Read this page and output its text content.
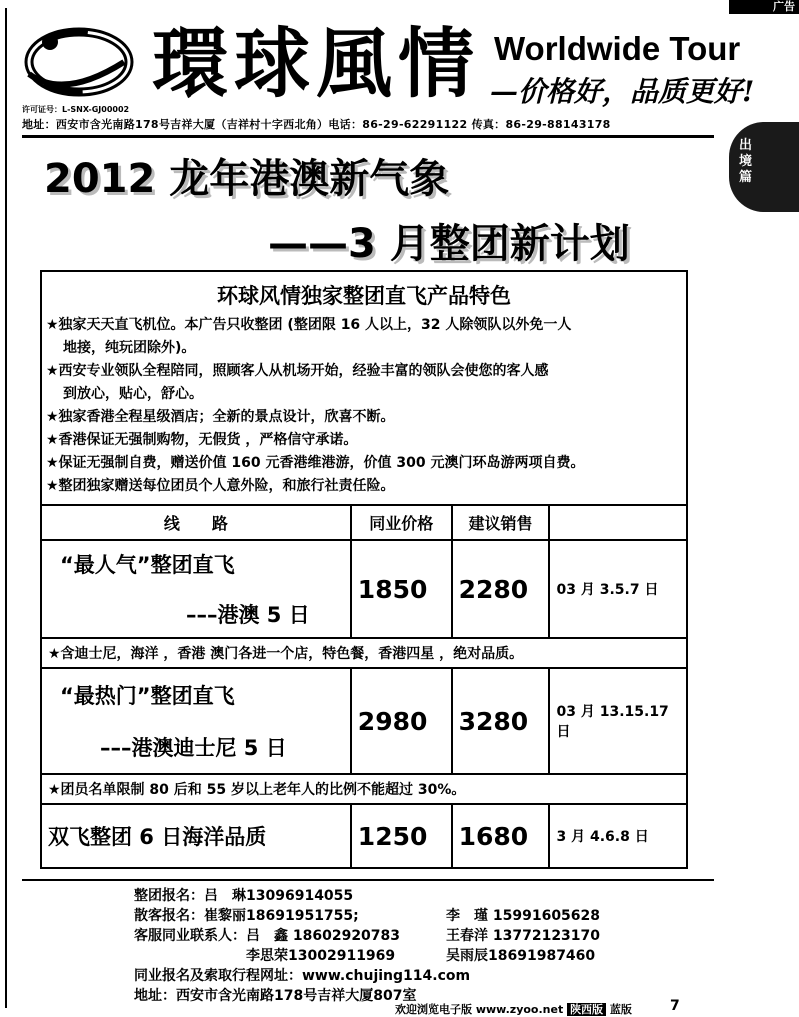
广告
環球風情 Worldwide Tour
—价格好，品质更好!
许可证号：L-SNX-GJ00002
地址：西安市含光南路178号吉祥大厦（吉祥村十字西北角）电话：86-29-62291122 传真：86-29-88143178
出境篇
2012 龙年港澳新气象
——3 月整团新计划
环球风情独家整团直飞产品特色
★独家天天直飞机位。本广告只收整团 (整团限 16 人以上，32 人除领队以外免一人
地接，纯玩团除外)。
★西安专业领队全程陪同，照顾客人从机场开始，经验丰富的领队会使您的客人感
到放心，贴心，舒心。
★独家香港全程星级酒店；全新的景点设计，欣喜不断。
★香港保证无强制购物，无假货 ，严格信守承诺。
★保证无强制自费，赠送价值 160 元香港维港游，价值 300 元澳门环岛游两项自费。
★整团独家赠送每位团员个人意外险，和旅行社责任险。
线　　路	同业价格	建议销售	

“最人气”整团直飞
–––港澳 5 日	1850	2280	03 月 3.5.7 日
★含迪士尼，海洋 ，香港 澳门各进一个店，特色餐，香港四星 ，绝对品质。			

“最热门”整团直飞
–––港澳迪士尼 5 日	2980	3280	03 月 13.15.17 日
★团员名单限制 80 后和 55 岁以上老年人的比例不能超过 30%。			
双飞整团 6 日海洋品质	1250	1680	3 月 4.6.8 日
整团报名：吕　琳13096914055
散客报名：崔黎丽18691951755;	李　瑾 15991605628
客服同业联系人：吕　鑫 18602920783	王春洋 13772123170
　　　　　　　　李思荣13002911969	吴雨辰18691987460
同业报名及索取行程网址：www.chujing114.com
地址：西安市含光南路178号吉祥大厦807室
欢迎浏览电子版 www.zyoo.net 陕西版 蓝版	7
